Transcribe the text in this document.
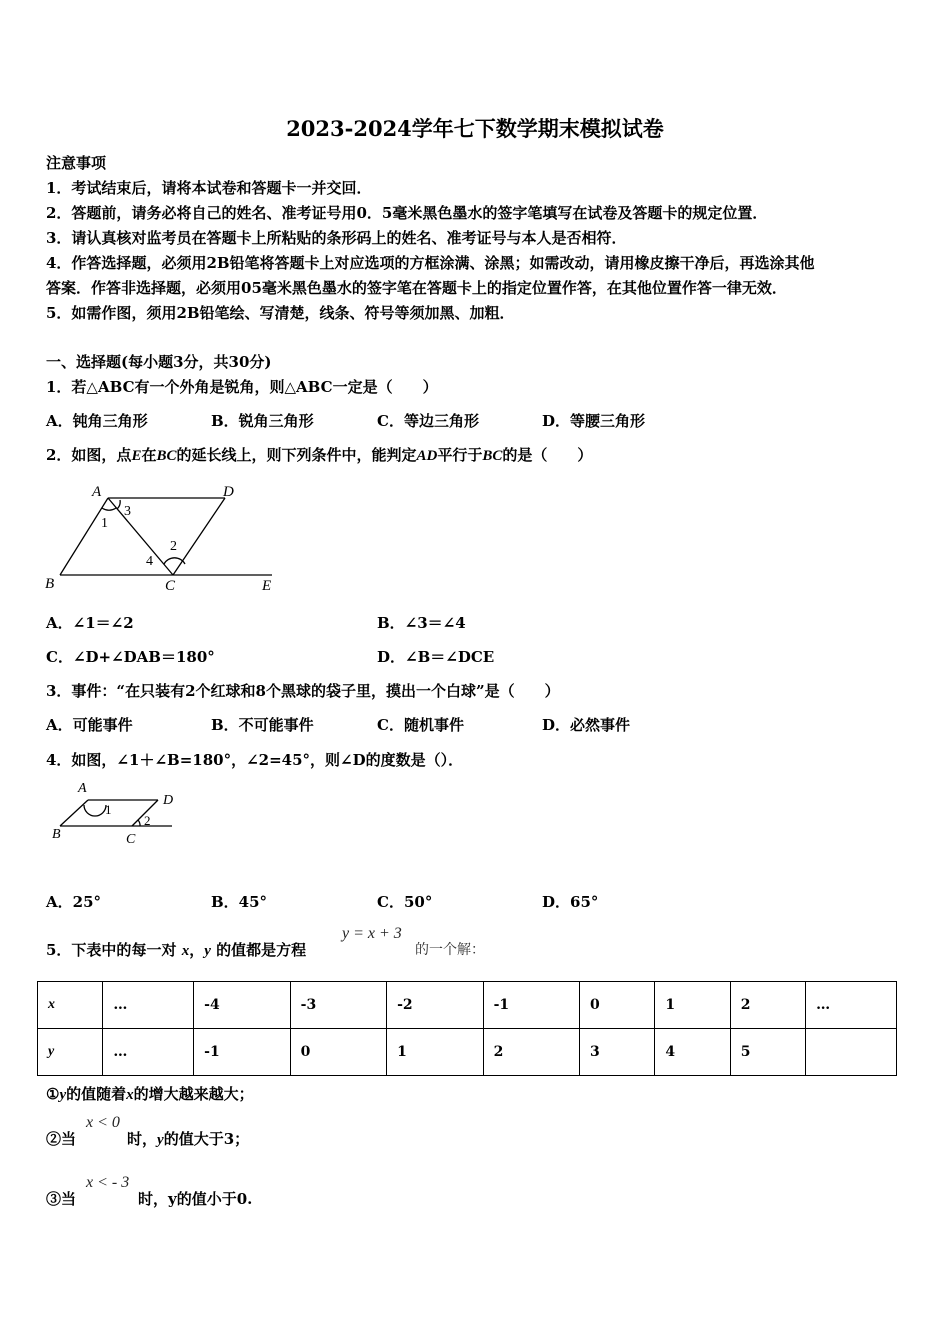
2023-2024学年七下数学期末模拟试卷
注意事项
1．考试结束后，请将本试卷和答题卡一并交回．
2．答题前，请务必将自己的姓名、准考证号用0．5毫米黑色墨水的签字笔填写在试卷及答题卡的规定位置．
3．请认真核对监考员在答题卡上所粘贴的条形码上的姓名、准考证号与本人是否相符．
4．作答选择题，必须用2B铅笔将答题卡上对应选项的方框涂满、涂黑；如需改动，请用橡皮擦干净后，再选涂其他
答案．作答非选择题，必须用05毫米黑色墨水的签字笔在答题卡上的指定位置作答，在其他位置作答一律无效．
5．如需作图，须用2B铅笔绘、写清楚，线条、符号等须加黑、加粗．
一、选择题(每小题3分，共30分)
1．若△ABC有一个外角是锐角，则△ABC一定是（　　）
A．钝角三角形	B．锐角三角形	C．等边三角形	D．等腰三角形
2．如图，点E在BC的延长线上，则下列条件中，能判定AD平行于BC的是（　　）
A	D
B	C	E
1
2
3
4
A．∠1＝∠2	B．∠3＝∠4
C．∠D+∠DAB＝180°	D．∠B＝∠DCE
3．事件：“在只装有2个红球和8个黑球的袋子里，摸出一个白球”是（　　）
A．可能事件	B．不可能事件	C．随机事件	D．必然事件
4．如图，∠1＋∠B=180°，∠2=45°，则∠D的度数是（）．
A
D
B	C
1
2
A．25°	B．45°	C．50°	D．65°
5．下表中的每一对 x，y 的值都是方程
y = x + 3
的一个解：
x	…	-4	-3	-2	-1	0	1	2	…
y	…	-1	0	1	2	3	4	5	
①y的值随着x的增大越来越大；
②当
x < 0
时，y的值大于3；
③当
x < - 3
时，y的值小于0.
